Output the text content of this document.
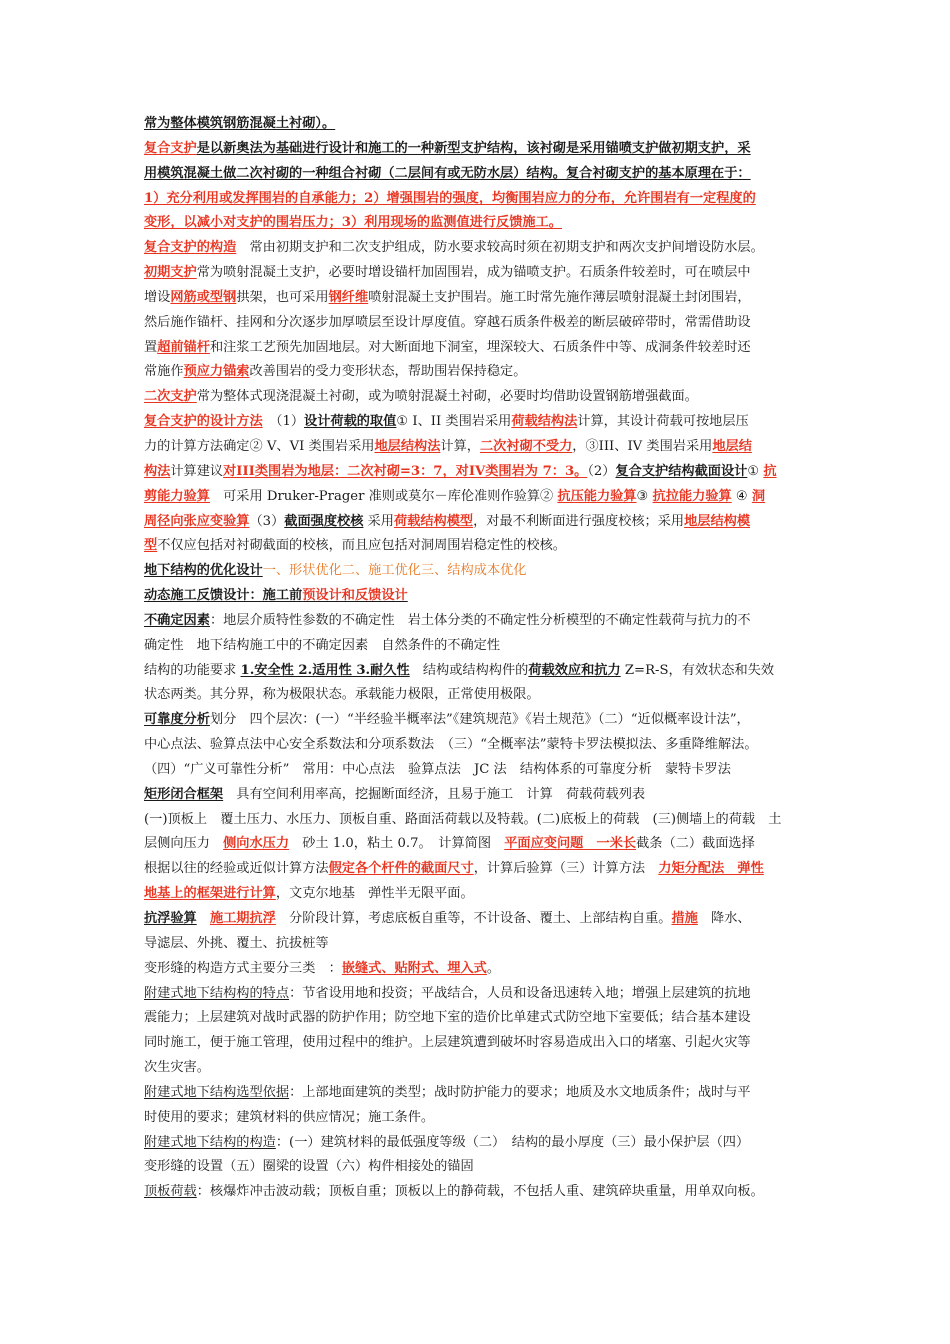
常为整体模筑钢筋混凝土衬砌）。
复合支护是以新奥法为基础进行设计和施工的一种新型支护结构，该衬砌是采用锚喷支护做初期支护，采
用模筑混凝土做二次衬砌的一种组合衬砌（二层间有或无防水层）结构。复合衬砌支护的基本原理在于：
1）充分利用或发挥围岩的自承能力；2）增强围岩的强度，均衡围岩应力的分布，允许围岩有一定程度的
变形，以减小对支护的围岩压力；3）利用现场的监测值进行反馈施工。
复合支护的构造　常由初期支护和二次支护组成，防水要求较高时须在初期支护和两次支护间增设防水层。
初期支护常为喷射混凝土支护，必要时增设锚杆加固围岩，成为锚喷支护。石质条件较差时，可在喷层中
增设网筋或型钢拱架，也可采用钢纤维喷射混凝土支护围岩。施工时常先施作薄层喷射混凝土封闭围岩，
然后施作锚杆、挂网和分次逐步加厚喷层至设计厚度值。穿越石质条件极差的断层破碎带时，常需借助设
置超前锚杆和注浆工艺预先加固地层。对大断面地下洞室，埋深较大、石质条件中等、成洞条件较差时还
常施作预应力锚索改善围岩的受力变形状态，帮助围岩保持稳定。
二次支护常为整体式现浇混凝土衬砌，或为喷射混凝土衬砌，必要时均借助设置钢筋增强截面。
复合支护的设计方法　（1）设计荷载的取值① I、II 类围岩采用荷载结构法计算，其设计荷载可按地层压
力的计算方法确定② V、VI 类围岩采用地层结构法计算，二次衬砌不受力，③III、IV 类围岩采用地层结
构法计算建议对III类围岩为地层：二次衬砌=3：7，对IV类围岩为 7：3。（2）复合支护结构截面设计① 抗
剪能力验算　可采用 Druker-Prager 准则或莫尔－库伦准则作验算② 抗压能力验算③ 抗拉能力验算 ④ 洞
周径向张应变验算（3）截面强度校核 采用荷载结构模型，对最不利断面进行强度校核；采用地层结构模
型不仅应包括对衬砌截面的校核，而且应包括对洞周围岩稳定性的校核。
地下结构的优化设计一、形状优化二、施工优化三、结构成本优化
动态施工反馈设计：施工前预设计和反馈设计
不确定因素：地层介质特性参数的不确定性　岩土体分类的不确定性分析模型的不确定性载荷与抗力的不
确定性　地下结构施工中的不确定因素　自然条件的不确定性
结构的功能要求 1.安全性 2.适用性 3.耐久性　结构或结构构件的荷载效应和抗力 Z=R-S，有效状态和失效
状态两类。其分界，称为极限状态。承载能力极限，正常使用极限。
可靠度分析划分　四个层次：(一）“半经验半概率法”《建筑规范》《岩土规范》（二）“近似概率设计法”，
中心点法、验算点法中心安全系数法和分项系数法　（三）“全概率法”蒙特卡罗法模拟法、多重降维解法。
（四）“广义可靠性分析”　常用：中心点法　验算点法　JC 法　结构体系的可靠度分析　蒙特卡罗法
矩形闭合框架　具有空间利用率高，挖掘断面经济，且易于施工　计算　荷载荷载列表
(一)顶板上　覆土压力、水压力、顶板自重、路面活荷载以及特载。(二)底板上的荷载　(三)侧墙上的荷载　土
层侧向压力　侧向水压力　砂土 1.0，粘土 0.7。　计算简图　平面应变问题　一米长截条（二）截面选择
根据以往的经验或近似计算方法假定各个杆件的截面尺寸，计算后验算（三）计算方法　力矩分配法　弹性
地基上的框架进行计算，文克尔地基　弹性半无限平面。
抗浮验算　 施工期抗浮　分阶段计算，考虑底板自重等，不计设备、覆土、上部结构自重。措施　降水、
导滤层、外挑、覆土、抗拔桩等
变形缝的构造方式主要分三类　：嵌缝式、贴附式、埋入式。
附建式地下结构构的特点：节省设用地和投资；平战结合，人员和设备迅速转入地；增强上层建筑的抗地
震能力；上层建筑对战时武器的防护作用；防空地下室的造价比单建式式防空地下室要低；结合基本建设
同时施工，便于施工管理，使用过程中的维护。上层建筑遭到破坏时容易造成出入口的堵塞、引起火灾等
次生灾害。
附建式地下结构选型依据：上部地面建筑的类型；战时防护能力的要求；地质及水文地质条件；战时与平
时使用的要求；建筑材料的供应情况；施工条件。
附建式地下结构的构造：(一）建筑材料的最低强度等级（二）　结构的最小厚度（三）最小保护层（四）
变形缝的设置（五）圈梁的设置（六）构件相接处的锚固
顶板荷载：核爆炸冲击波动载；顶板自重；顶板以上的静荷载，不包括人重、建筑碎块重量，用单双向板。
